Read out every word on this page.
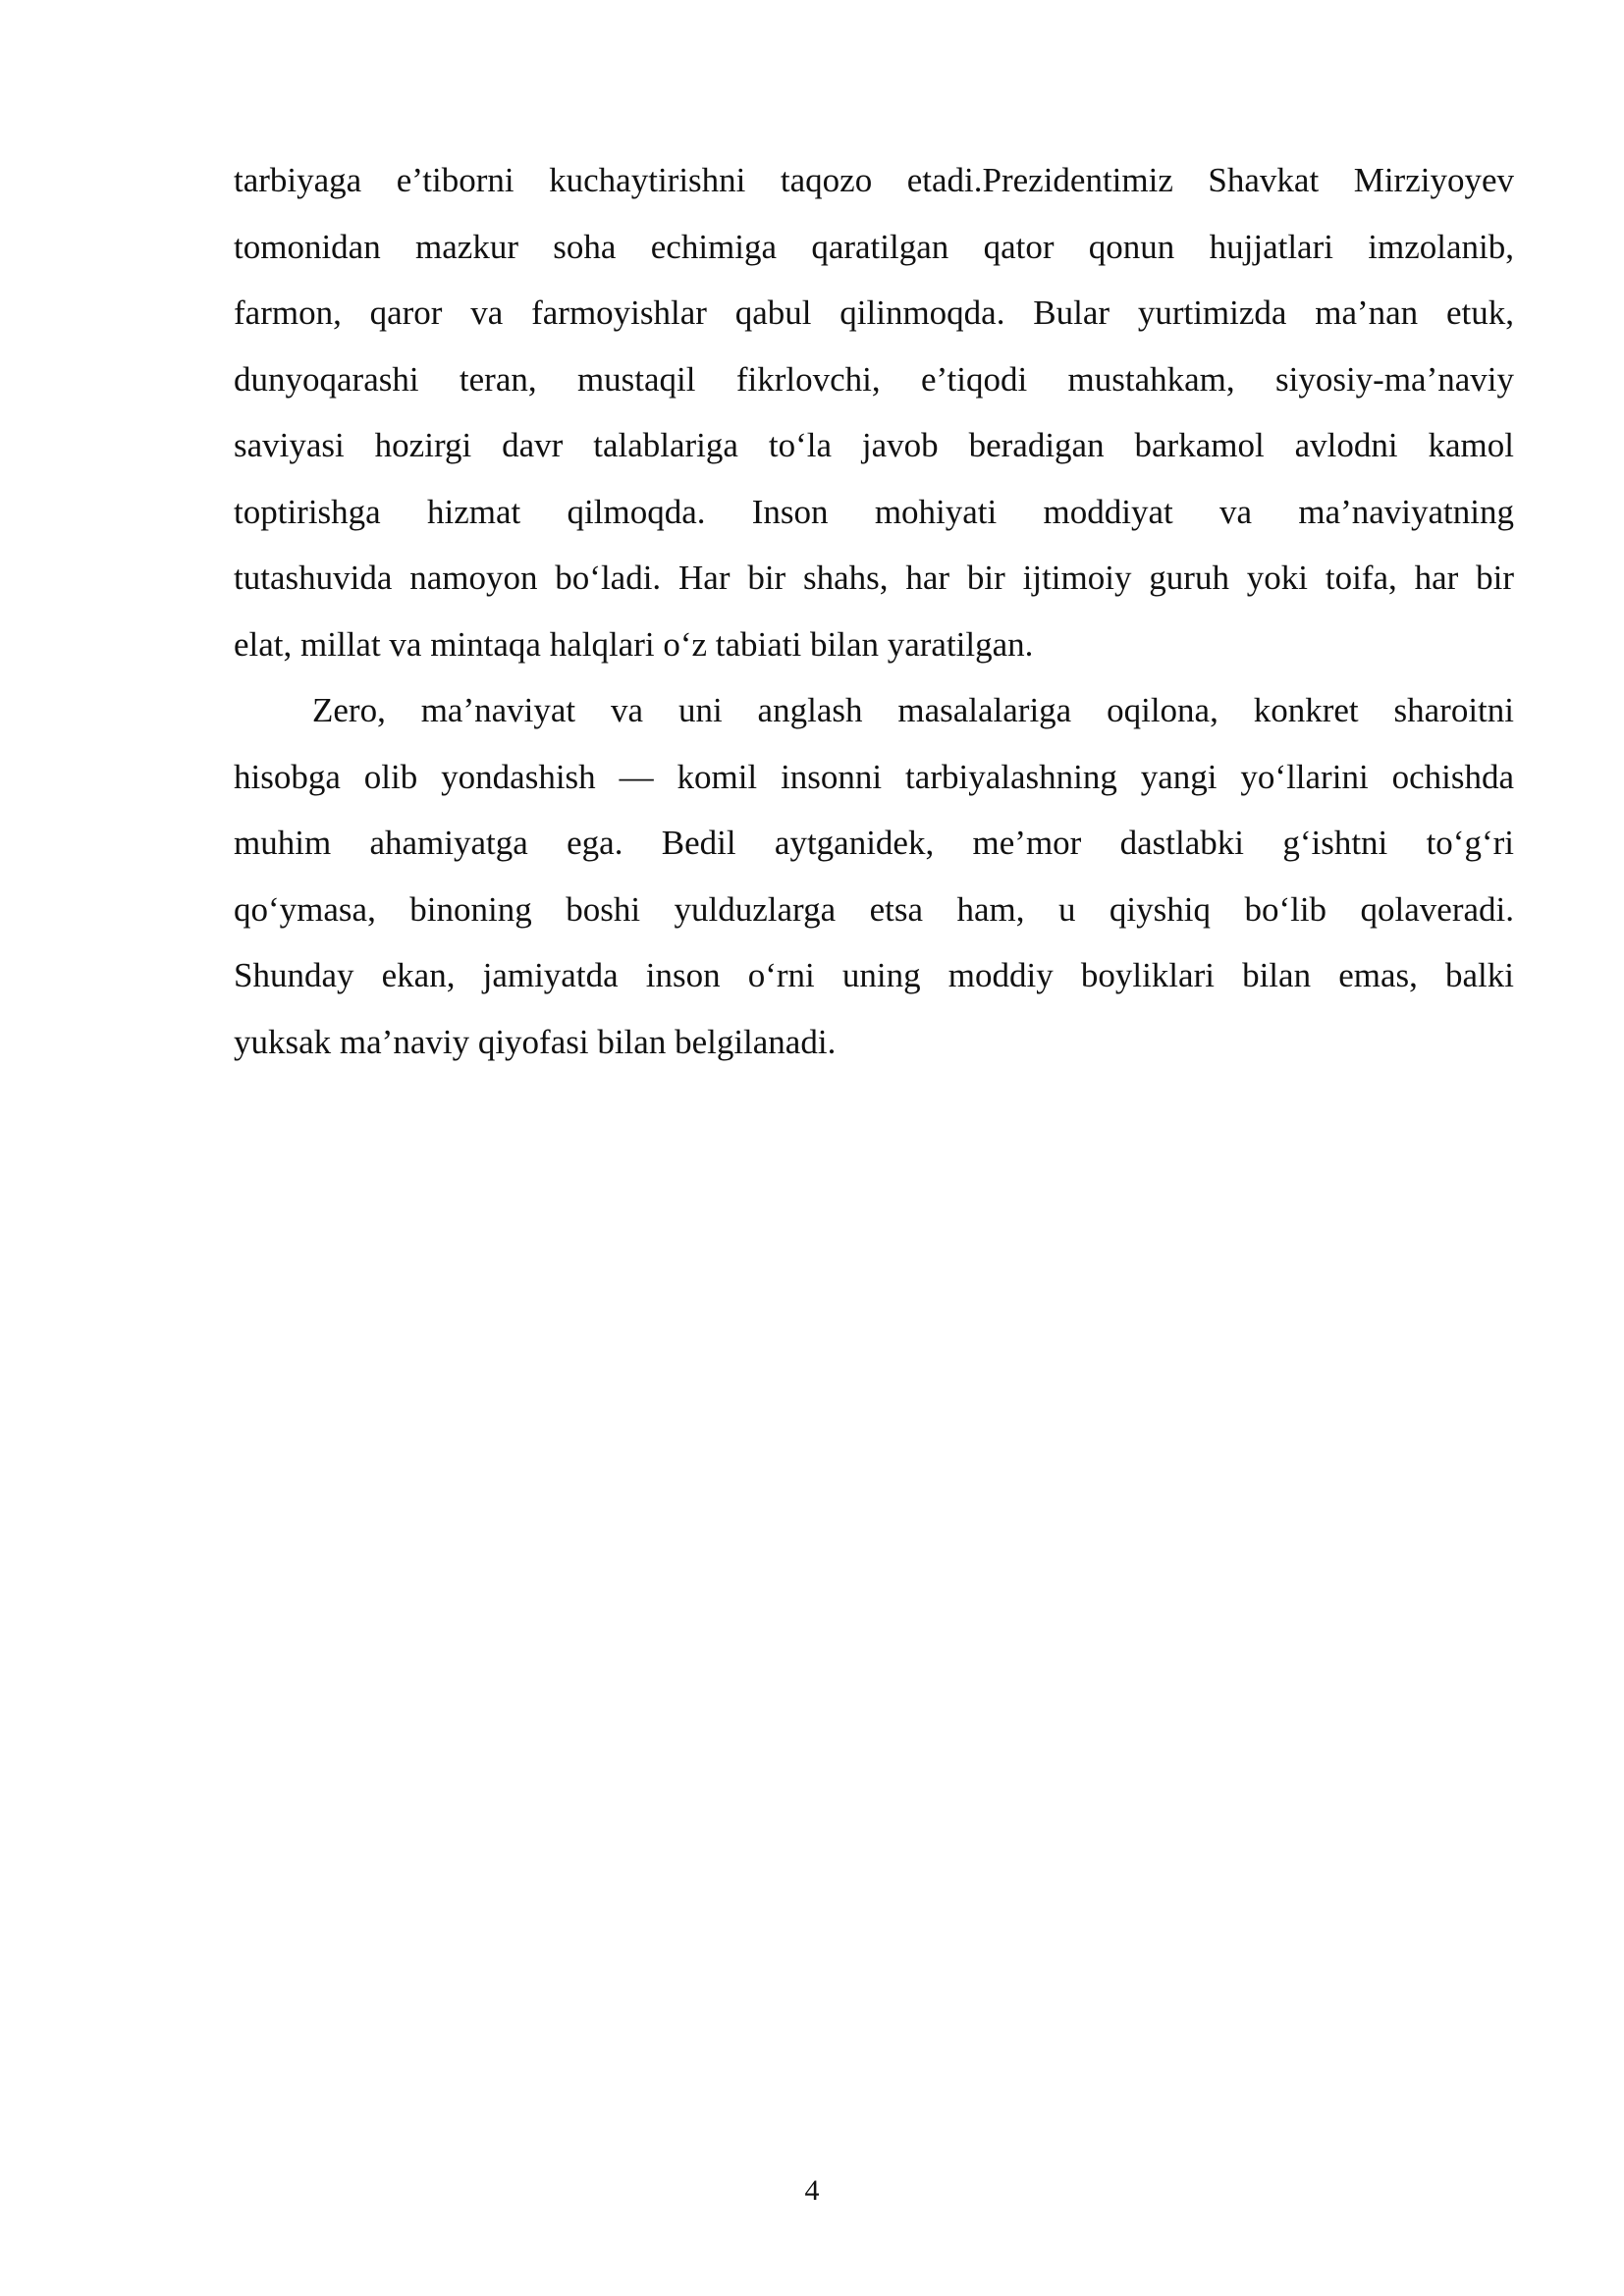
tarbiyaga e’tiborni kuchaytirishni taqozo etadi.Prezidentimiz Shavkat Mirziyoyev
tomonidan mazkur soha echimiga qaratilgan qator qonun hujjatlari imzolanib,
farmon, qaror va farmoyishlar qabul qilinmoqda. Bular yurtimizda ma’nan etuk,
dunyoqarashi teran, mustaqil fikrlovchi, e’tiqodi mustahkam, siyosiy-ma’naviy
saviyasi hozirgi davr talablariga to‘la javob beradigan barkamol avlodni kamol
toptirishga hizmat qilmoqda. Inson mohiyati moddiyat va ma’naviyatning
tutashuvida namoyon bo‘ladi. Har bir shahs, har bir ijtimoiy guruh yoki toifa, har bir
elat, millat va mintaqa halqlari o‘z tabiati bilan yaratilgan.
Zero, ma’naviyat va uni anglash masalalariga oqilona, konkret sharoitni
hisobga olib yondashish — komil insonni tarbiyalashning yangi yo‘llarini ochishda
muhim ahamiyatga ega. Bedil aytganidek, me’mor dastlabki g‘ishtni to‘g‘ri
qo‘ymasa, binoning boshi yulduzlarga etsa ham, u qiyshiq bo‘lib qolaveradi.
Shunday ekan, jamiyatda inson o‘rni uning moddiy boyliklari bilan emas, balki
yuksak ma’naviy qiyofasi bilan belgilanadi.
4
